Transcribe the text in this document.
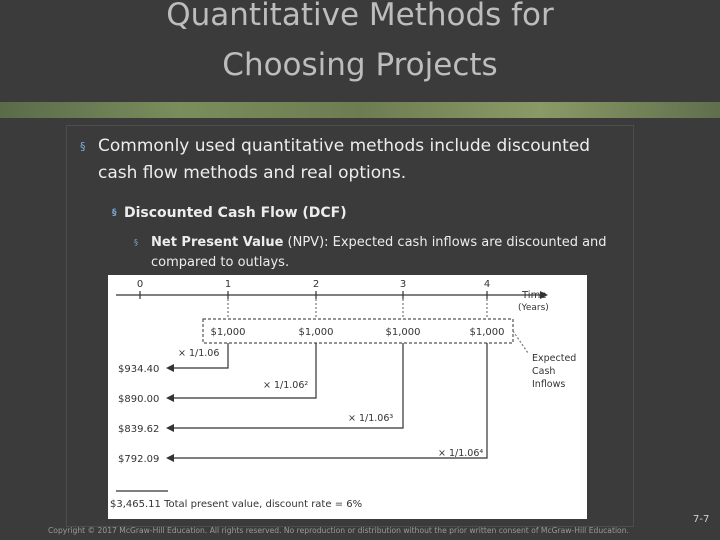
Quantitative Methods for
Choosing Projects
§ Commonly used quantitative methods include discounted cash flow methods and real options.
§ Discounted Cash Flow (DCF)
§ Net Present Value (NPV): Expected cash inflows are discounted and compared to outlays.
0	1	2	3	4
Time
(Years)
$1,000	$1,000	$1,000	$1,000
Expected
Cash
Inflows
× 1/1.06
$934.40
× 1/1.06²
$890.00
× 1/1.06³
$839.62
× 1/1.06⁴
$792.09
$3,465.11 Total present value, discount rate = 6%
Copyright © 2017 McGraw-Hill Education. All rights reserved. No reproduction or distribution without the prior written consent of McGraw-Hill Education.
7-7
